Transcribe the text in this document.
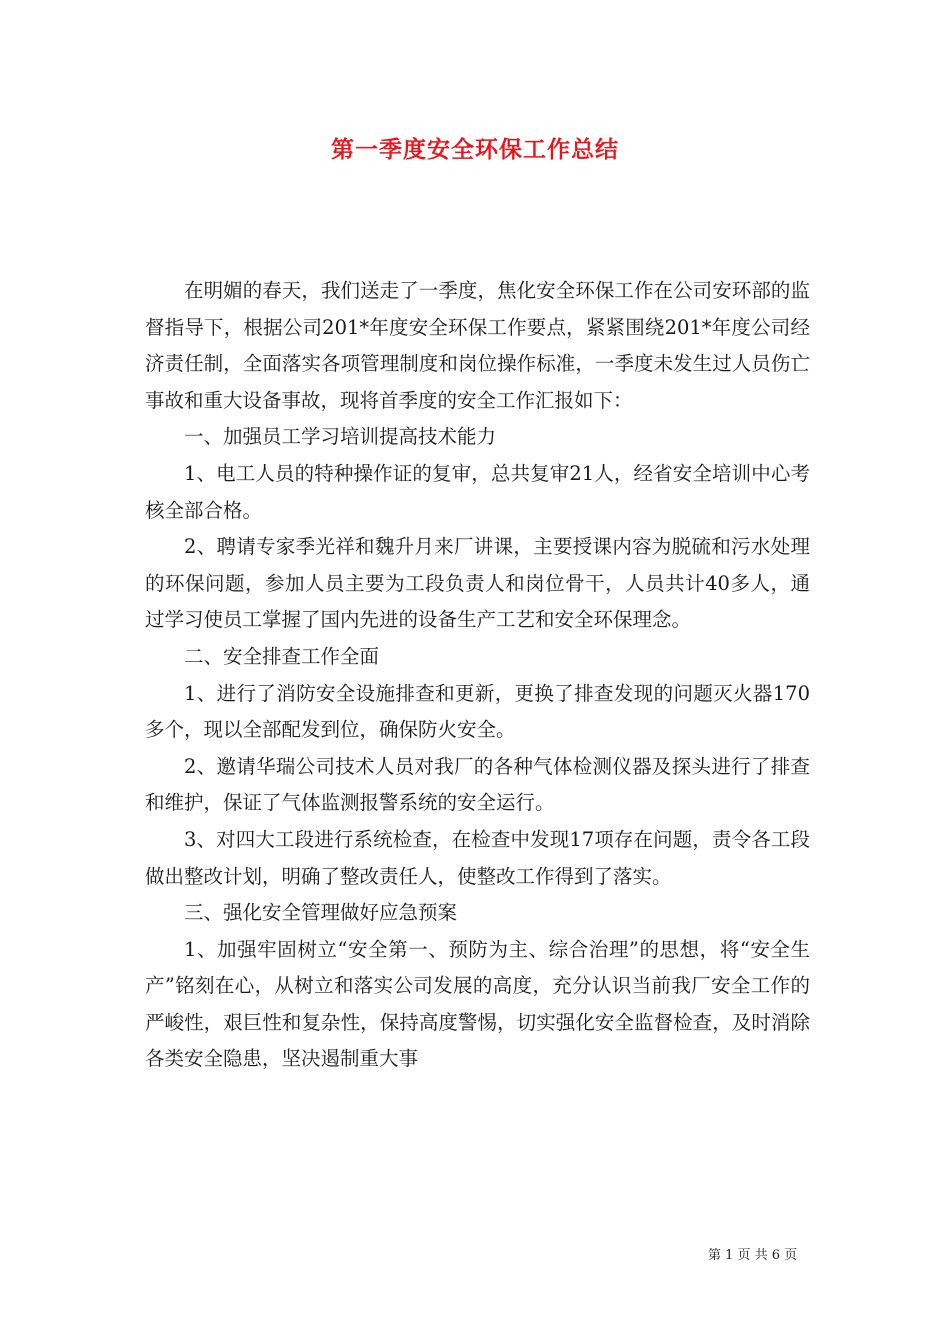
第一季度安全环保工作总结

在明媚的春天，我们送走了一季度，焦化安全环保工作在公司安环部的监督指导下，根据公司201*年度安全环保工作要点，紧紧围绕201*年度公司经济责任制，全面落实各项管理制度和岗位操作标准，一季度未发生过人员伤亡事故和重大设备事故，现将首季度的安全工作汇报如下：

一、加强员工学习培训提高技术能力

1、电工人员的特种操作证的复审，总共复审21人，经省安全培训中心考核全部合格。

2、聘请专家季光祥和魏升月来厂讲课，主要授课内容为脱硫和污水处理的环保问题，参加人员主要为工段负责人和岗位骨干，人员共计40多人，通过学习使员工掌握了国内先进的设备生产工艺和安全环保理念。

二、安全排查工作全面

1、进行了消防安全设施排查和更新，更换了排查发现的问题灭火器170多个，现以全部配发到位，确保防火安全。

2、邀请华瑞公司技术人员对我厂的各种气体检测仪器及探头进行了排查和维护，保证了气体监测报警系统的安全运行。

3、对四大工段进行系统检查，在检查中发现17项存在问题，责令各工段做出整改计划，明确了整改责任人，使整改工作得到了落实。

三、强化安全管理做好应急预案

1、加强牢固树立“安全第一、预防为主、综合治理”的思想，将“安全生产”铭刻在心，从树立和落实公司发展的高度，充分认识当前我厂安全工作的严峻性，艰巨性和复杂性，保持高度警惕，切实强化安全监督检查，及时消除各类安全隐患，坚决遏制重大事

第 1 页 共 6 页
